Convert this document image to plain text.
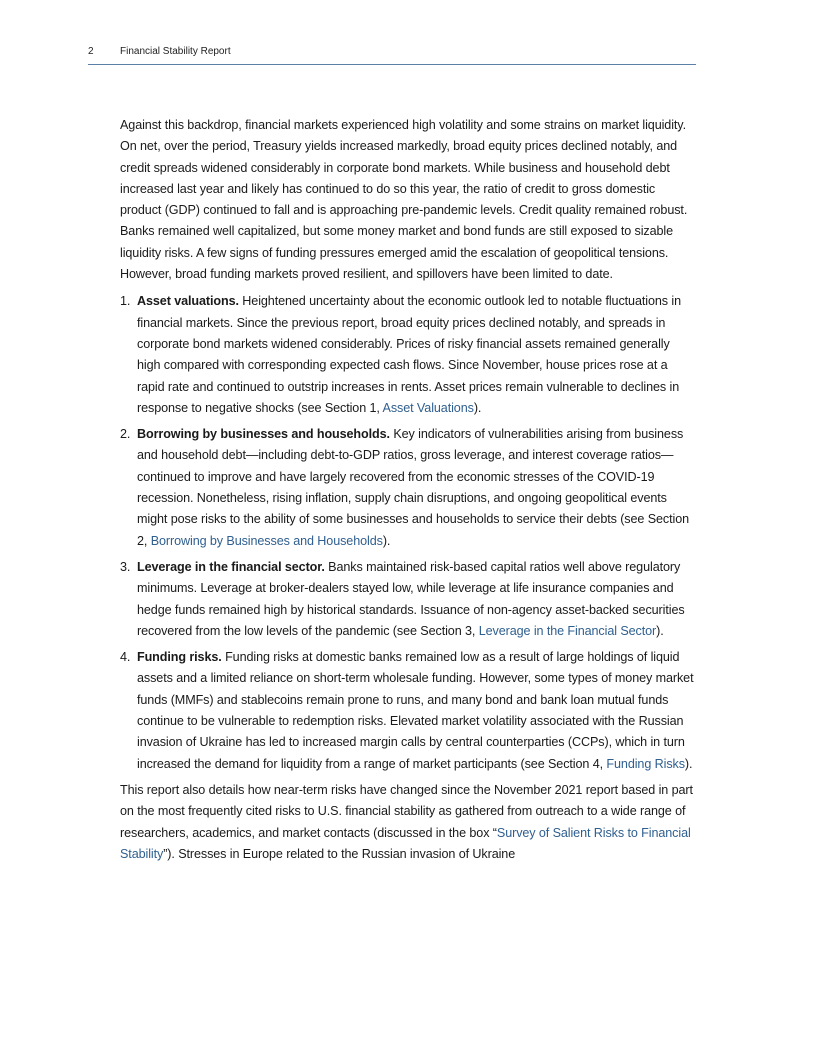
2	Financial Stability Report

Against this backdrop, financial markets experienced high volatility and some strains on market liquidity. On net, over the period, Treasury yields increased markedly, broad equity prices declined notably, and credit spreads widened considerably in corporate bond markets. While business and household debt increased last year and likely has continued to do so this year, the ratio of credit to gross domestic product (GDP) continued to fall and is approaching pre-pandemic levels. Credit quality remained robust. Banks remained well capitalized, but some money market and bond funds are still exposed to sizable liquidity risks. A few signs of funding pressures emerged amid the escalation of geopolitical tensions. However, broad funding markets proved resilient, and spillovers have been limited to date.

1. Asset valuations. Heightened uncertainty about the economic outlook led to notable fluctuations in financial markets. Since the previous report, broad equity prices declined notably, and spreads in corporate bond markets widened considerably. Prices of risky financial assets remained generally high compared with corresponding expected cash flows. Since November, house prices rose at a rapid rate and continued to outstrip increases in rents. Asset prices remain vulnerable to declines in response to negative shocks (see Section 1, Asset Valuations).
2. Borrowing by businesses and households. Key indicators of vulnerabilities arising from business and household debt—including debt-to-GDP ratios, gross leverage, and interest coverage ratios—continued to improve and have largely recovered from the economic stresses of the COVID-19 recession. Nonetheless, rising inflation, supply chain disruptions, and ongoing geopolitical events might pose risks to the ability of some businesses and households to service their debts (see Section 2, Borrowing by Businesses and Households).
3. Leverage in the financial sector. Banks maintained risk-based capital ratios well above regulatory minimums. Leverage at broker-dealers stayed low, while leverage at life insurance companies and hedge funds remained high by historical standards. Issuance of non-agency asset-backed securities recovered from the low levels of the pandemic (see Section 3, Leverage in the Financial Sector).
4. Funding risks. Funding risks at domestic banks remained low as a result of large holdings of liquid assets and a limited reliance on short-term wholesale funding. However, some types of money market funds (MMFs) and stablecoins remain prone to runs, and many bond and bank loan mutual funds continue to be vulnerable to redemption risks. Elevated market volatility associated with the Russian invasion of Ukraine has led to increased margin calls by central counterparties (CCPs), which in turn increased the demand for liquidity from a range of market participants (see Section 4, Funding Risks).

This report also details how near-term risks have changed since the November 2021 report based in part on the most frequently cited risks to U.S. financial stability as gathered from outreach to a wide range of researchers, academics, and market contacts (discussed in the box “Survey of Salient Risks to Financial Stability”). Stresses in Europe related to the Russian invasion of Ukraine
